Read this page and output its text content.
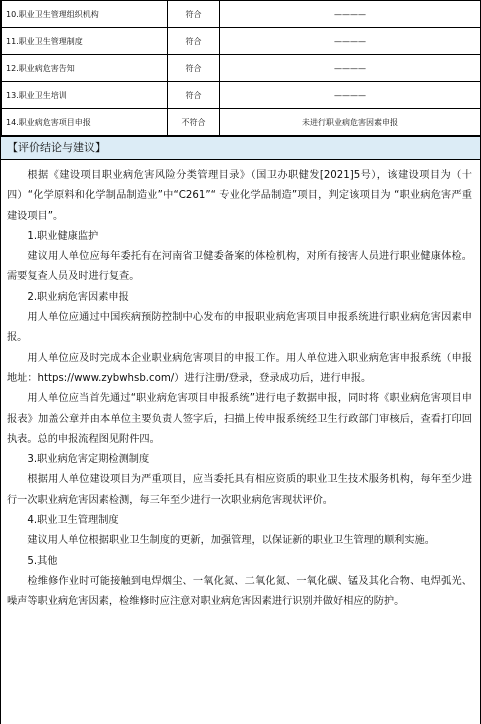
10.职业卫生管理组织机构	符合	————
11.职业卫生管理制度	符合	————
12.职业病危害告知	符合	————
13.职业卫生培训	符合	————
14.职业病危害项目申报	不符合	未进行职业病危害因素申报
【评价结论与建议】

根据《建设项目职业病危害风险分类管理目录》（国卫办职健发[2021]5号），该建设项目为（十四）“化学原料和化学制品制造业”中“C261”“ 专业化学品制造”项目，判定该项目为 “职业病危害严重建设项目”。

1.职业健康监护

建议用人单位应每年委托有在河南省卫健委备案的体检机构，对所有接害人员进行职业健康体检。需要复查人员及时进行复查。

2.职业病危害因素申报

用人单位应通过中国疾病预防控制中心发布的申报职业病危害项目申报系统进行职业病危害因素申报。

用人单位应及时完成本企业职业病危害项目的申报工作。用人单位进入职业病危害申报系统（申报地址：https://www.zybwhsb.com/）进行注册/登录，登录成功后，进行申报。

用人单位应当首先通过“职业病危害项目申报系统”进行电子数据申报，同时将《职业病危害项目申报表》加盖公章并由本单位主要负责人签字后，扫描上传申报系统经卫生行政部门审核后，查看打印回执表。总的申报流程图见附件四。

3.职业病危害定期检测制度

根据用人单位建设项目为严重项目，应当委托具有相应资质的职业卫生技术服务机构，每年至少进行一次职业病危害因素检测，每三年至少进行一次职业病危害现状评价。

4.职业卫生管理制度

建议用人单位根据职业卫生制度的更新，加强管理，以保证新的职业卫生管理的顺利实施。

5.其他

检维修作业时可能接触到电焊烟尘、一氧化氮、二氧化氮、一氧化碳、锰及其化合物、电焊弧光、噪声等职业病危害因素，检维修时应注意对职业病危害因素进行识别并做好相应的防护。
